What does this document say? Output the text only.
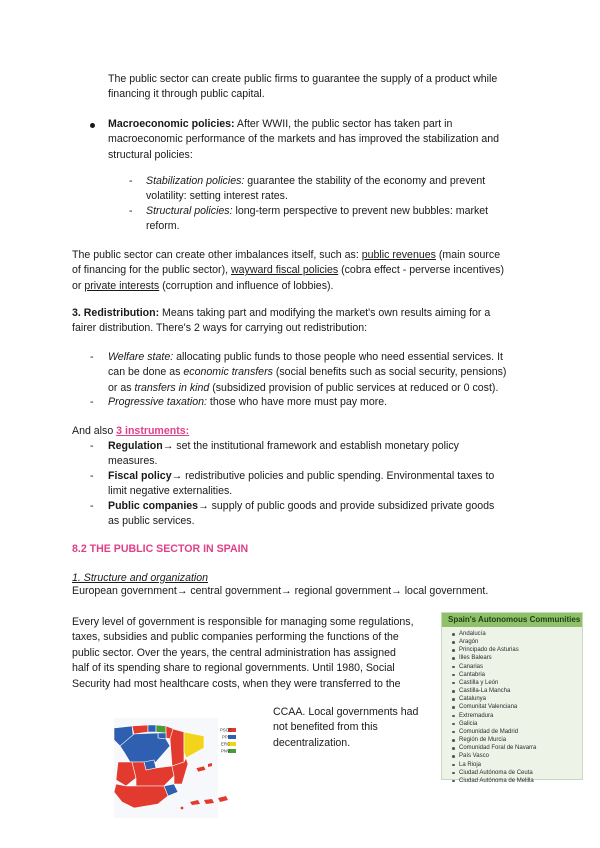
The public sector can create public firms to guarantee the supply of a product while

financing it through public capital.

Macroeconomic policies: After WWII, the public sector has taken part in

macroeconomic performance of the markets and has improved the stabilization and

structural policies:

-	Stabilization policies: guarantee the stability of the economy and prevent

volatility: setting interest rates.

-	Structural policies: long-term perspective to prevent new bubbles: market

reform.

The public sector can create other imbalances itself, such as: public revenues (main source

of financing for the public sector), wayward fiscal policies (cobra effect - perverse incentives)

or private interests (corruption and influence of lobbies).

3. Redistribution: Means taking part and modifying the market's own results aiming for a

fairer distribution. There's 2 ways for carrying out redistribution:

-	Welfare state: allocating public funds to those people who need essential services. It

can be done as economic transfers (social benefits such as social security, pensions)

or as transfers in kind (subsidized provision of public services at reduced or 0 cost).

-	Progressive taxation: those who have more must pay more.

And also 3 instruments:

-	Regulation→ set the institutional framework and establish monetary policy

measures.

-	Fiscal policy→ redistributive policies and public spending. Environmental taxes to

limit negative externalities.

-	Public companies→ supply of public goods and provide subsidized private goods

as public services.

8.2 THE PUBLIC SECTOR IN SPAIN

1. Structure and organization

European government→ central government→ regional government→ local government.

Every level of government is responsible for managing some regulations,

taxes, subsidies and public companies performing the functions of the

public sector. Over the years, the central administration has assigned

half of its spending share to regional governments. Until 1980, Social

Security had most healthcare costs, when they were transferred to the

CCAA. Local governments had

not benefited from this

decentralization.

Spain's Autonomous Communities
Andalucía
Aragón
Principado de Asturias
Illes Balears
Canarias
Cantabria
Castilla y León
Castilla-La Mancha
Catalunya
Comunitat Valenciana
Extremadura
Galicia
Comunidad de Madrid
Región de Murcia
Comunidad Foral de Navarra
País Vasco
La Rioja
Ciudad Autónoma de Ceuta
Ciudad Autónoma de Melilla
PSOE
PP
ERC
PNV
